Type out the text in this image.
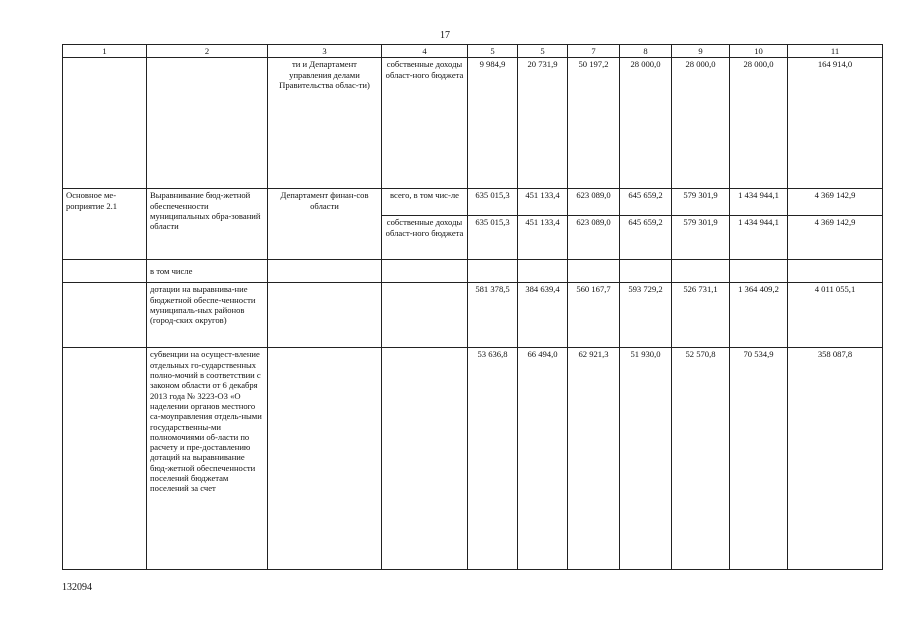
17
1	2	3	4	5	5	7	8	9	10	11
		ти и Департамент управления делами Правительства облас-ти)	собственные доходы област-ного бюджета	9 984,9	20 731,9	50 197,2	28 000,0	28 000,0	28 000,0	164 914,0
Основное ме-роприятие 2.1	Выравнивание бюд-жетной обеспеченности муниципальных обра-зований области	Департамент финан-сов области	всего, в том чис-ле	635 015,3	451 133,4	623 089,0	645 659,2	579 301,9	1 434 944,1	4 369 142,9
			собственные доходы област-ного бюджета	635 015,3	451 133,4	623 089,0	645 659,2	579 301,9	1 434 944,1	4 369 142,9
	в том числе									
	дотации на выравнива-ние бюджетной обеспе-ченности муниципаль-ных районов (город-ских округов)			581 378,5	384 639,4	560 167,7	593 729,2	526 731,1	1 364 409,2	4 011 055,1
	субвенции на осущест-вление отдельных го-сударственных полно-мочий в соответствии с законом области от 6 декабря 2013 года № 3223-ОЗ «О наделении органов местного са-моуправления отдель-ными государственны-ми полномочиями об-ласти по расчету и пре-доставлению дотаций на выравнивание бюд-жетной обеспеченности поселений бюджетам поселений за счет			53 636,8	66 494,0	62 921,3	51 930,0	52 570,8	70 534,9	358 087,8
132094
